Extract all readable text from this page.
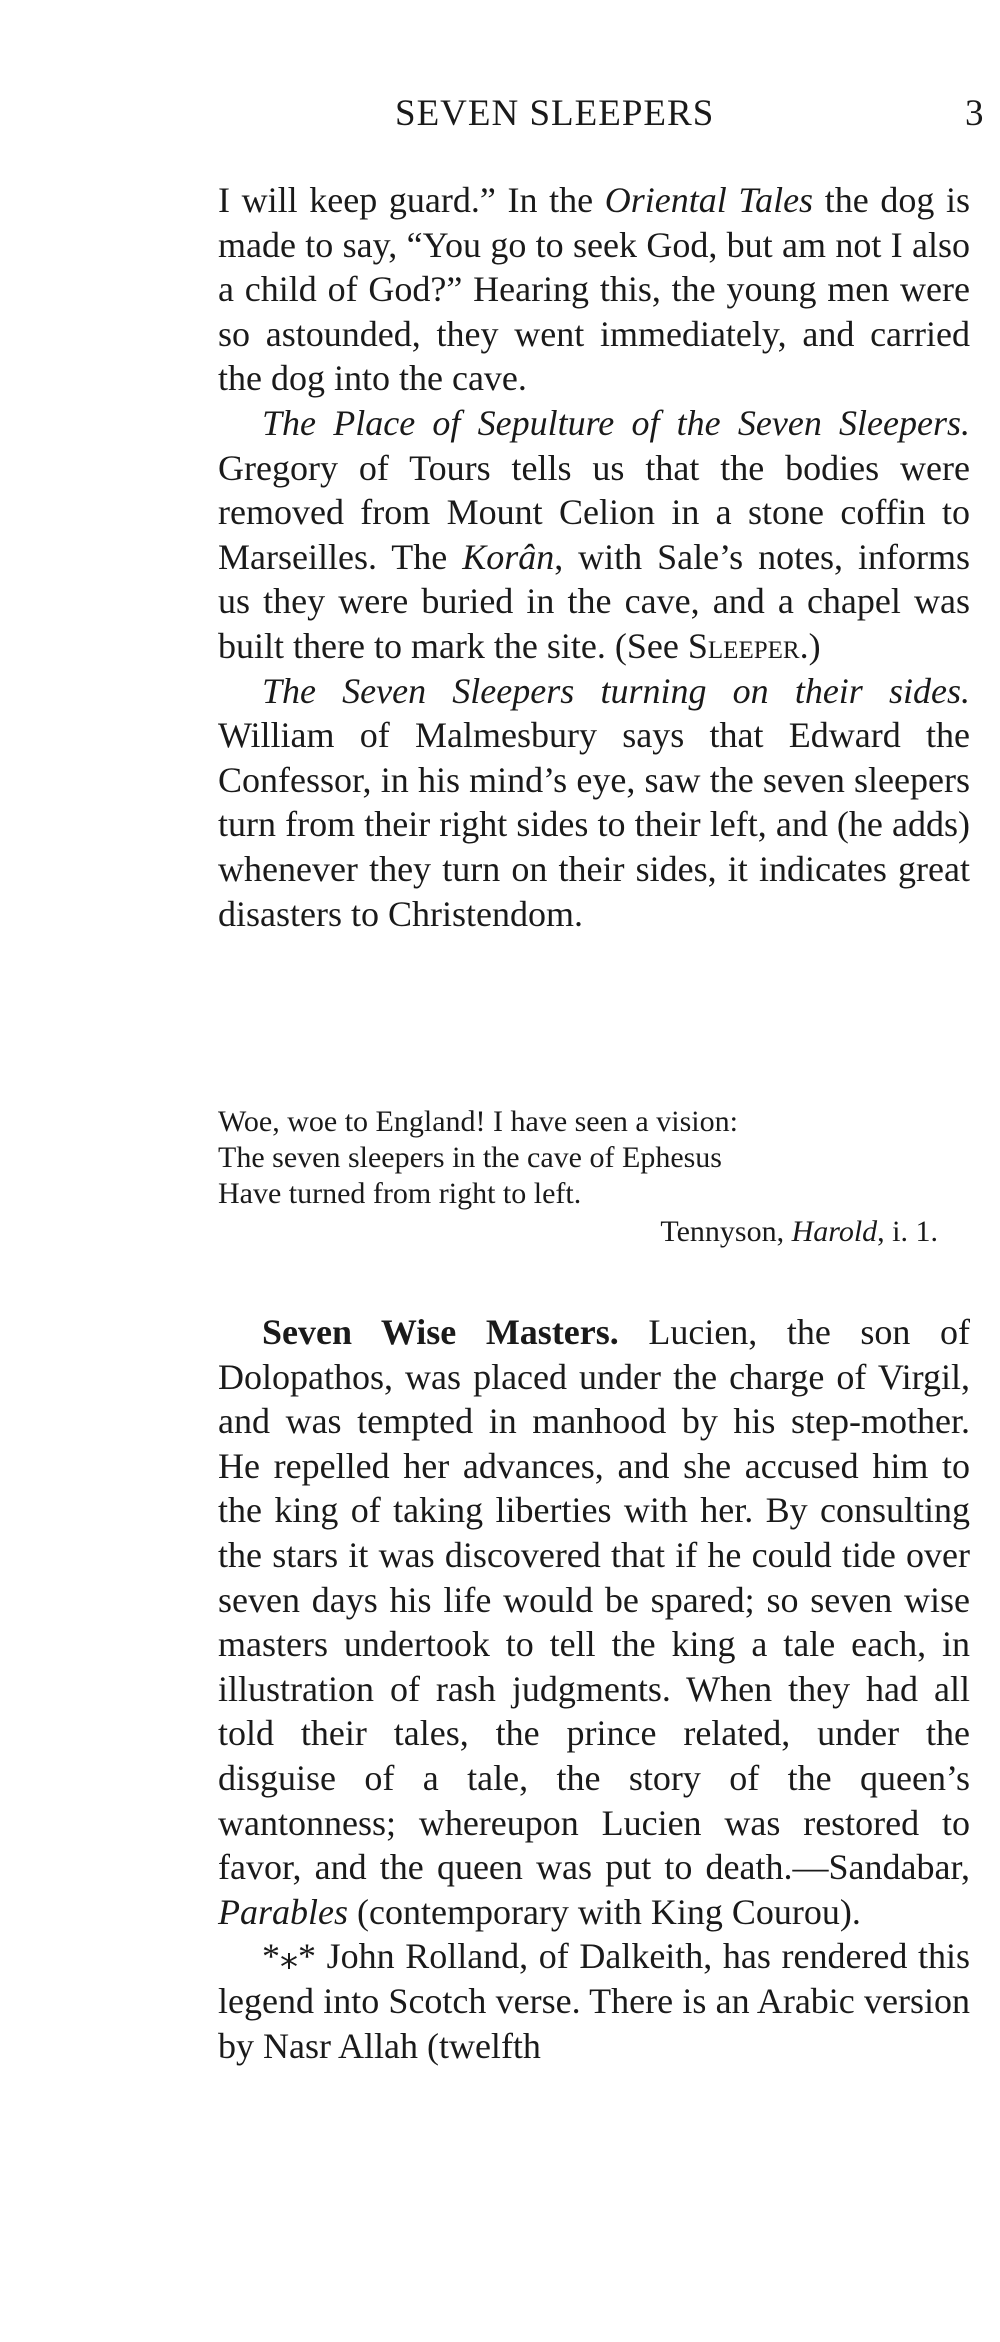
SEVEN SLEEPERS	3

I will keep guard.” In the Oriental Tales the dog is made to say, “You go to seek God, but am not I also a child of God?” Hearing this, the young men were so astounded, they went immediately, and carried the dog into the cave.

The Place of Sepulture of the Seven Sleepers. Gregory of Tours tells us that the bodies were removed from Mount Celion in a stone coffin to Marseilles. The Korân, with Sale’s notes, informs us they were buried in the cave, and a chapel was built there to mark the site. (See Sleeper.)

The Seven Sleepers turning on their sides. William of Malmesbury says that Edward the Confessor, in his mind’s eye, saw the seven sleepers turn from their right sides to their left, and (he adds) whenever they turn on their sides, it indicates great disasters to Christendom.

Woe, woe to England! I have seen a vision:
The seven sleepers in the cave of Ephesus
Have turned from right to left.
Tennyson, Harold, i. 1.

Seven Wise Masters. Lucien, the son of Dolopathos, was placed under the charge of Virgil, and was tempted in manhood by his step-mother. He repelled her advances, and she accused him to the king of taking liberties with her. By consulting the stars it was discovered that if he could tide over seven days his life would be spared; so seven wise masters undertook to tell the king a tale each, in illustration of rash judgments. When they had all told their tales, the prince related, under the disguise of a tale, the story of the queen’s wantonness; whereupon Lucien was restored to favor, and the queen was put to death.—Sandabar, Parables (contemporary with King Courou).

*⁎* John Rolland, of Dalkeith, has rendered this legend into Scotch verse. There is an Arabic version by Nasr Allah (twelfth
